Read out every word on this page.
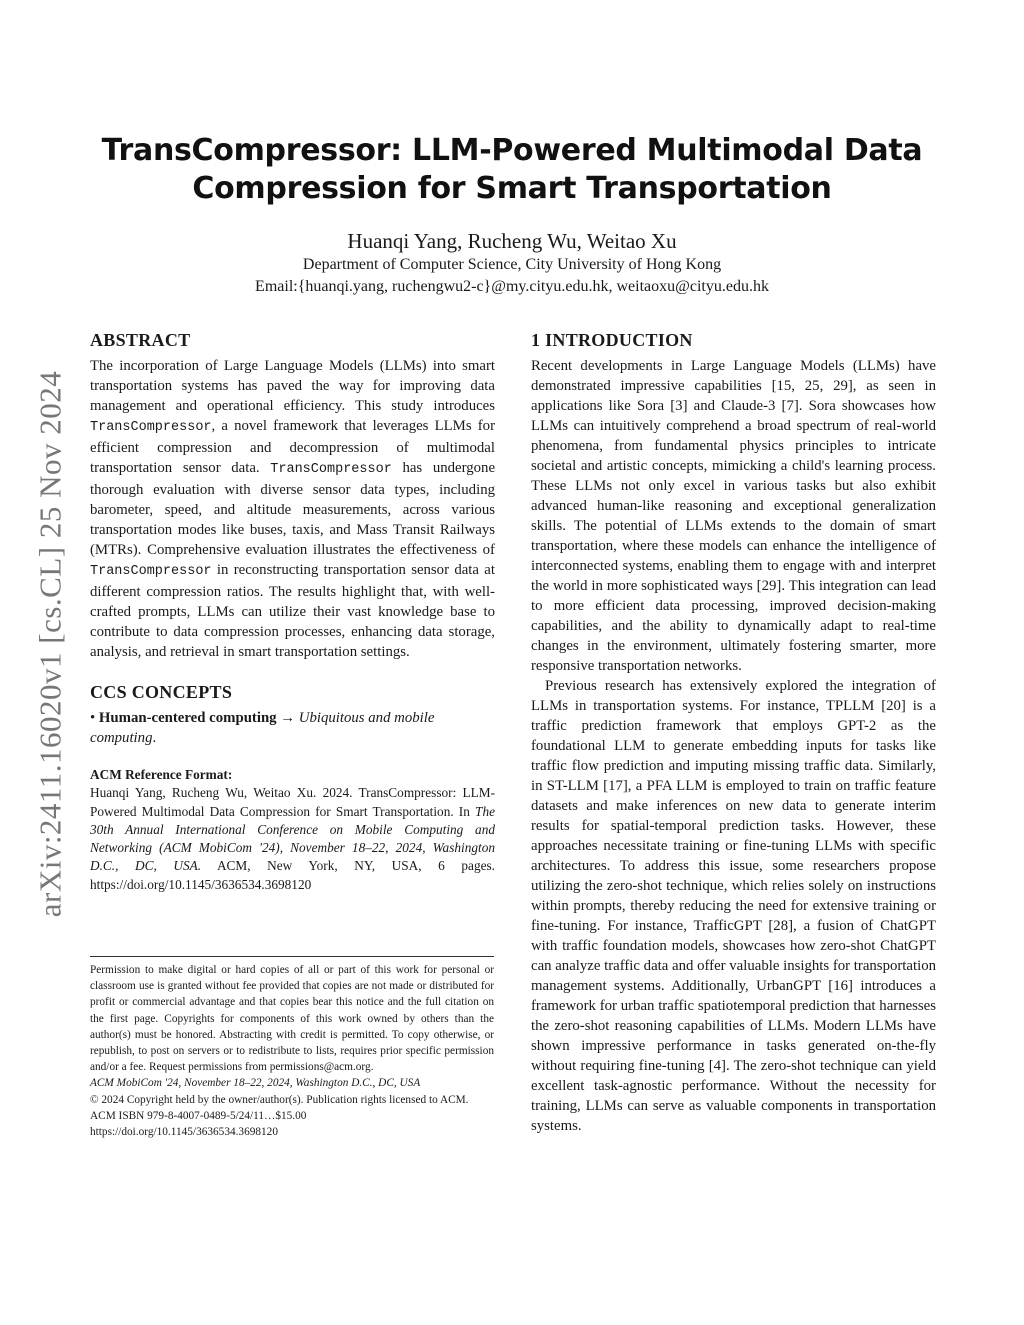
arXiv:2411.16020v1 [cs.CL] 25 Nov 2024
TransCompressor: LLM-Powered Multimodal Data
Compression for Smart Transportation
Huanqi Yang, Rucheng Wu, Weitao Xu
Department of Computer Science, City University of Hong Kong
Email:{huanqi.yang, ruchengwu2-c}@my.cityu.edu.hk, weitaoxu@cityu.edu.hk
ABSTRACT

The incorporation of Large Language Models (LLMs) into smart transportation systems has paved the way for improving data management and operational efficiency. This study introduces TransCompressor, a novel framework that leverages LLMs for efficient compression and decompression of multimodal transportation sensor data. TransCompressor has undergone thorough evaluation with diverse sensor data types, including barometer, speed, and altitude measurements, across various transportation modes like buses, taxis, and Mass Transit Railways (MTRs). Comprehensive evaluation illustrates the effectiveness of TransCompressor in reconstructing transportation sensor data at different compression ratios. The results highlight that, with well-crafted prompts, LLMs can utilize their vast knowledge base to contribute to data compression processes, enhancing data storage, analysis, and retrieval in smart transportation settings.

CCS CONCEPTS
• Human-centered computing → Ubiquitous and mobile computing.
ACM Reference Format:
Huanqi Yang, Rucheng Wu, Weitao Xu. 2024. TransCompressor: LLM-Powered Multimodal Data Compression for Smart Transportation. In The 30th Annual International Conference on Mobile Computing and Networking (ACM MobiCom '24), November 18–22, 2024, Washington D.C., DC, USA. ACM, New York, NY, USA, 6 pages. https://doi.org/10.1145/3636534.3698120

Permission to make digital or hard copies of all or part of this work for personal or classroom use is granted without fee provided that copies are not made or distributed for profit or commercial advantage and that copies bear this notice and the full citation on the first page. Copyrights for components of this work owned by others than the author(s) must be honored. Abstracting with credit is permitted. To copy otherwise, or republish, to post on servers or to redistribute to lists, requires prior specific permission and/or a fee. Request permissions from permissions@acm.org.

ACM MobiCom '24, November 18–22, 2024, Washington D.C., DC, USA
© 2024 Copyright held by the owner/author(s). Publication rights licensed to ACM.
ACM ISBN 979-8-4007-0489-5/24/11…$15.00
https://doi.org/10.1145/3636534.3698120
1 INTRODUCTION

Recent developments in Large Language Models (LLMs) have demonstrated impressive capabilities [15, 25, 29], as seen in applications like Sora [3] and Claude-3 [7]. Sora showcases how LLMs can intuitively comprehend a broad spectrum of real-world phenomena, from fundamental physics principles to intricate societal and artistic concepts, mimicking a child's learning process. These LLMs not only excel in various tasks but also exhibit advanced human-like reasoning and exceptional generalization skills. The potential of LLMs extends to the domain of smart transportation, where these models can enhance the intelligence of interconnected systems, enabling them to engage with and interpret the world in more sophisticated ways [29]. This integration can lead to more efficient data processing, improved decision-making capabilities, and the ability to dynamically adapt to real-time changes in the environment, ultimately fostering smarter, more responsive transportation networks.

Previous research has extensively explored the integration of LLMs in transportation systems. For instance, TPLLM [20] is a traffic prediction framework that employs GPT-2 as the foundational LLM to generate embedding inputs for tasks like traffic flow prediction and imputing missing traffic data. Similarly, in ST-LLM [17], a PFA LLM is employed to train on traffic feature datasets and make inferences on new data to generate interim results for spatial-temporal prediction tasks. However, these approaches necessitate training or fine-tuning LLMs with specific architectures. To address this issue, some researchers propose utilizing the zero-shot technique, which relies solely on instructions within prompts, thereby reducing the need for extensive training or fine-tuning. For instance, TrafficGPT [28], a fusion of ChatGPT with traffic foundation models, showcases how zero-shot ChatGPT can analyze traffic data and offer valuable insights for transportation management systems. Additionally, UrbanGPT [16] introduces a framework for urban traffic spatiotemporal prediction that harnesses the zero-shot reasoning capabilities of LLMs. Modern LLMs have shown impressive performance in tasks generated on-the-fly without requiring fine-tuning [4]. The zero-shot technique can yield excellent task-agnostic performance. Without the necessity for training, LLMs can serve as valuable components in transportation systems.
